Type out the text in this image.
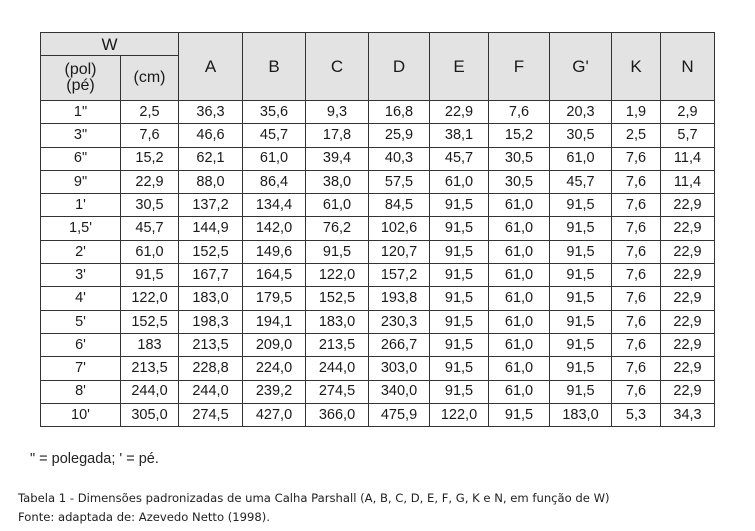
W		A	B	C	D	E	F	G'	K	N
(pol)
(pé)	(cm)									
1"	2,5	36,3	35,6	9,3	16,8	22,9	7,6	20,3	1,9	2,9
3"	7,6	46,6	45,7	17,8	25,9	38,1	15,2	30,5	2,5	5,7
6"	15,2	62,1	61,0	39,4	40,3	45,7	30,5	61,0	7,6	11,4
9"	22,9	88,0	86,4	38,0	57,5	61,0	30,5	45,7	7,6	11,4
1'	30,5	137,2	134,4	61,0	84,5	91,5	61,0	91,5	7,6	22,9
1,5'	45,7	144,9	142,0	76,2	102,6	91,5	61,0	91,5	7,6	22,9
2'	61,0	152,5	149,6	91,5	120,7	91,5	61,0	91,5	7,6	22,9
3'	91,5	167,7	164,5	122,0	157,2	91,5	61,0	91,5	7,6	22,9
4'	122,0	183,0	179,5	152,5	193,8	91,5	61,0	91,5	7,6	22,9
5'	152,5	198,3	194,1	183,0	230,3	91,5	61,0	91,5	7,6	22,9
6'	183	213,5	209,0	213,5	266,7	91,5	61,0	91,5	7,6	22,9
7'	213,5	228,8	224,0	244,0	303,0	91,5	61,0	91,5	7,6	22,9
8'	244,0	244,0	239,2	274,5	340,0	91,5	61,0	91,5	7,6	22,9
10'	305,0	274,5	427,0	366,0	475,9	122,0	91,5	183,0	5,3	34,3
" = polegada; ' = pé.
Tabela 1 - Dimensões padronizadas de uma Calha Parshall (A, B, C, D, E, F, G, K e N, em função de W)
Fonte: adaptada de: Azevedo Netto (1998).
